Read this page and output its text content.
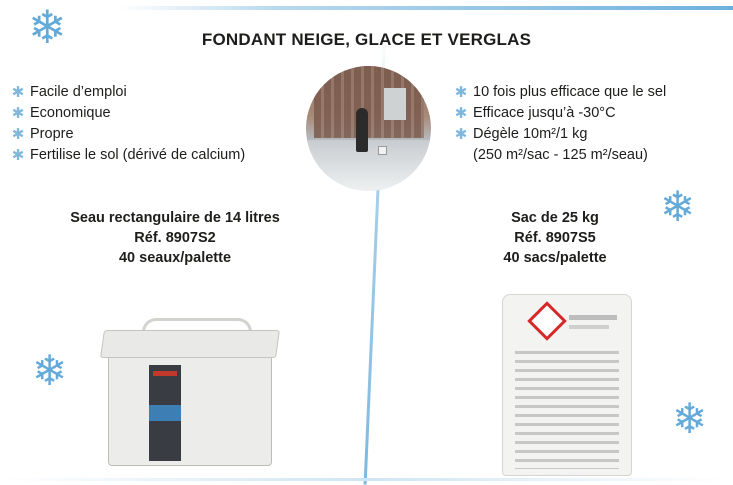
❄
❄
❄
❄
FONDANT NEIGE, GLACE ET VERGLAS
✱ Facile d’emploi
✱ Economique
✱ Propre
✱ Fertilise le sol (dérivé de calcium)
✱ 10 fois plus efficace que le sel
✱ Efficace jusqu’à -30°C
✱ Dégèle 10m²/1 kg
(250 m²/sac - 125 m²/seau)
Seau rectangulaire de 14 litres
Réf. 8907S2
40 seaux/palette
Sac de 25 kg
Réf. 8907S5
40 sacs/palette
